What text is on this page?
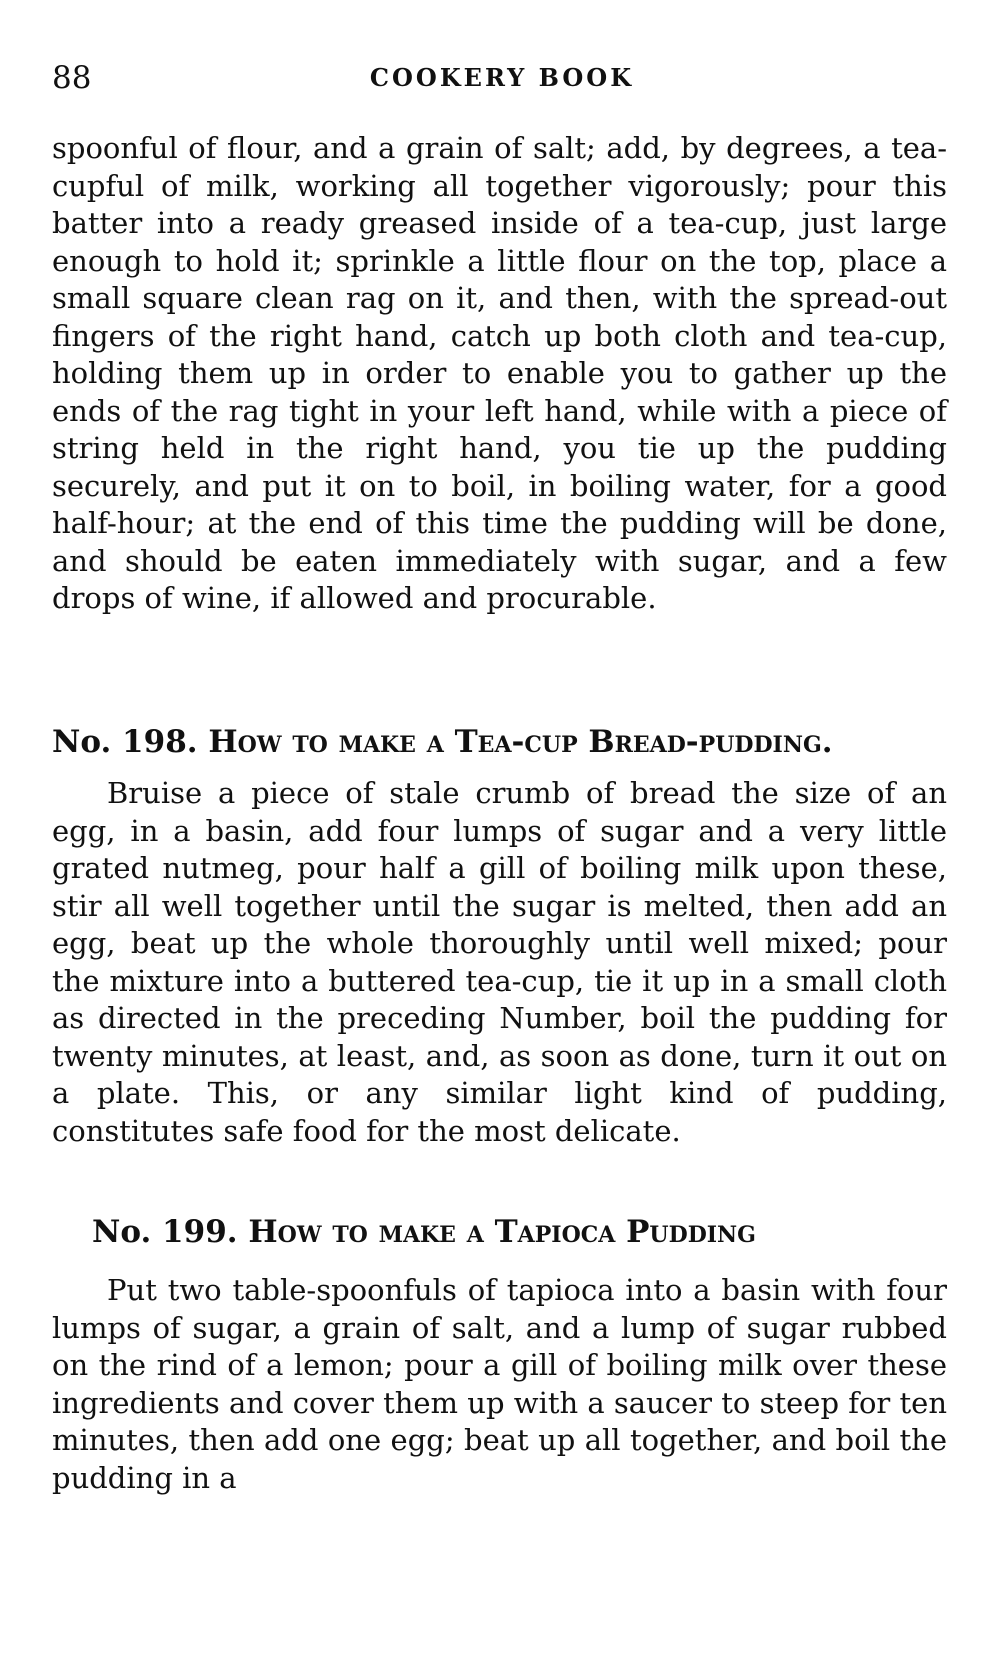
88	COOKERY BOOK

spoonful of flour, and a grain of salt; add, by degrees, a tea-cupful of milk, working all together vigorously; pour this batter into a ready greased inside of a tea-cup, just large enough to hold it; sprinkle a little flour on the top, place a small square clean rag on it, and then, with the spread-out fingers of the right hand, catch up both cloth and tea-cup, holding them up in order to enable you to gather up the ends of the rag tight in your left hand, while with a piece of string held in the right hand, you tie up the pudding securely, and put it on to boil, in boiling water, for a good half-hour; at the end of this time the pudding will be done, and should be eaten immediately with sugar, and a few drops of wine, if allowed and procurable.

No. 198. How to make a Tea-cup Bread-pudding.

Bruise a piece of stale crumb of bread the size of an egg, in a basin, add four lumps of sugar and a very little grated nutmeg, pour half a gill of boiling milk upon these, stir all well together until the sugar is melted, then add an egg, beat up the whole thoroughly until well mixed; pour the mixture into a buttered tea-cup, tie it up in a small cloth as directed in the preceding Number, boil the pudding for twenty minutes, at least, and, as soon as done, turn it out on a plate. This, or any similar light kind of pudding, constitutes safe food for the most delicate.

No. 199. How to make a Tapioca Pudding

Put two table-spoonfuls of tapioca into a basin with four lumps of sugar, a grain of salt, and a lump of sugar rubbed on the rind of a lemon; pour a gill of boiling milk over these ingredients and cover them up with a saucer to steep for ten minutes, then add one egg; beat up all together, and boil the pudding in a
